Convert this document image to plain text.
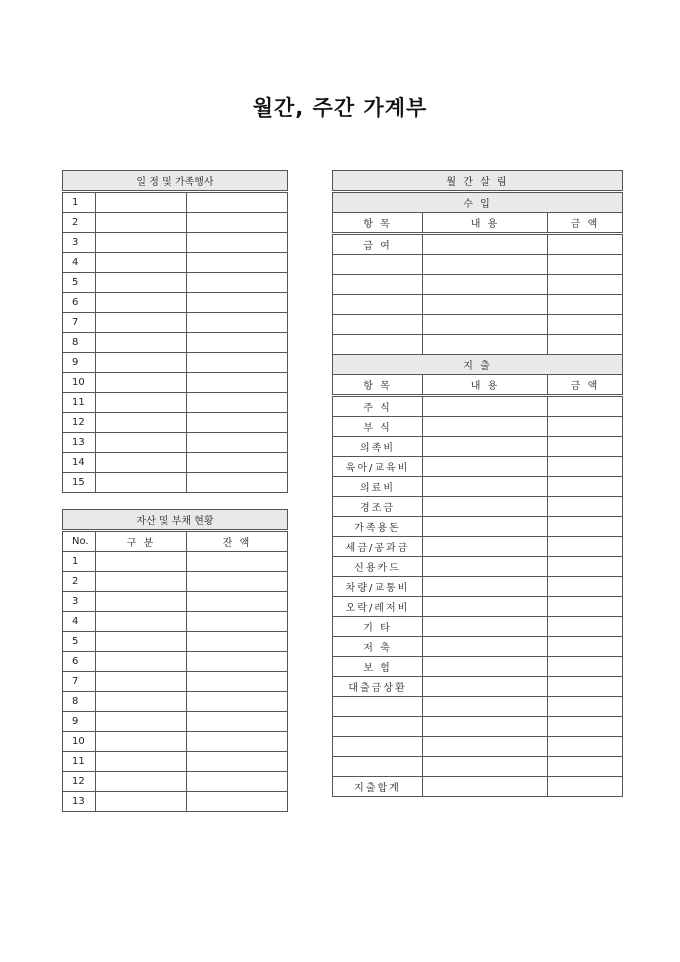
월간, 주간 가계부
일 정 및 가족행사		
1		
2		
3		
4		
5		
6		
7		
8		
9		
10		
11		
12		
13		
14		
15		
자산 및 부채 현황		
No.	구 분	잔 액
1		
2		
3		
4		
5		
6		
7		
8		
9		
10		
11		
12		
13		
월 간 살 림		
수 입		
항 목	내 용	금 액
급 여		

지 출		
항 목	내 용	금 액
주 식		
부 식		
의족비		
육아/교육비		
의료비		
경조금		
가족용돈		
세금/공과금		
신용카드		
차량/교통비		
오락/레저비		
기 타		
저 축		
보 험		
대출금상환		

지출합계		
